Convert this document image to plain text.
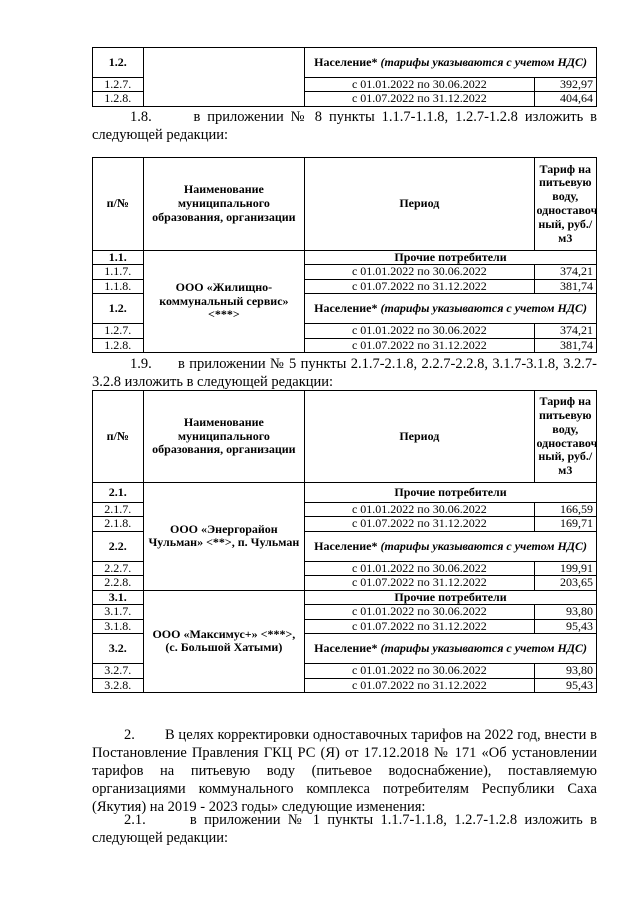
1.2.		Население* (тарифы указываются с учетом НДС)	
1.2.7.		с 01.01.2022 по 30.06.2022	392,97
1.2.8.		с 01.07.2022 по 31.12.2022	404,64
1.8.	в приложении № 8 пункты 1.1.7-1.1.8, 1.2.7-1.2.8 изложить в следующей редакции:
п/№	Наименование муниципального образования, организации	Период	Тариф на питьевую воду, одноставоч ный, руб./м3
1.1.	ООО «Жилищно-коммунальный сервис» <***>	Прочие потребители	
1.1.7.		с 01.01.2022 по 30.06.2022	374,21
1.1.8.		с 01.07.2022 по 31.12.2022	381,74
1.2.		Население* (тарифы указываются с учетом НДС)	
1.2.7.		с 01.01.2022 по 30.06.2022	374,21
1.2.8.		с 01.07.2022 по 31.12.2022	381,74
1.9. в приложении № 5 пункты 2.1.7-2.1.8, 2.2.7-2.2.8, 3.1.7-3.1.8, 3.2.7-3.2.8 изложить в следующей редакции:
п/№	Наименование муниципального образования, организации	Период	Тариф на питьевую воду, одноставоч ный, руб./м3
2.1.	ООО «Энергорайон Чульман» <**>, п. Чульман	Прочие потребители	
2.1.7.		с 01.01.2022 по 30.06.2022	166,59
2.1.8.		с 01.07.2022 по 31.12.2022	169,71
2.2.		Население* (тарифы указываются с учетом НДС)	
2.2.7.		с 01.01.2022 по 30.06.2022	199,91
2.2.8.		с 01.07.2022 по 31.12.2022	203,65
3.1.	ООО «Максимус+» <***>, (с. Большой Хатыми)	Прочие потребители	
3.1.7.		с 01.01.2022 по 30.06.2022	93,80
3.1.8.		с 01.07.2022 по 31.12.2022	95,43
3.2.		Население* (тарифы указываются с учетом НДС)	
3.2.7.		с 01.01.2022 по 30.06.2022	93,80
3.2.8.		с 01.07.2022 по 31.12.2022	95,43
2. В целях корректировки одноставочных тарифов на 2022 год, внести в Постановление Правления ГКЦ РС (Я) от 17.12.2018 № 171 «Об установлении тарифов на питьевую воду (питьевое водоснабжение), поставляемую организациями коммунального комплекса потребителям Республики Саха (Якутия) на 2019 - 2023 годы» следующие изменения:
2.1.	в приложении № 1 пункты 1.1.7-1.1.8, 1.2.7-1.2.8 изложить в следующей редакции:
